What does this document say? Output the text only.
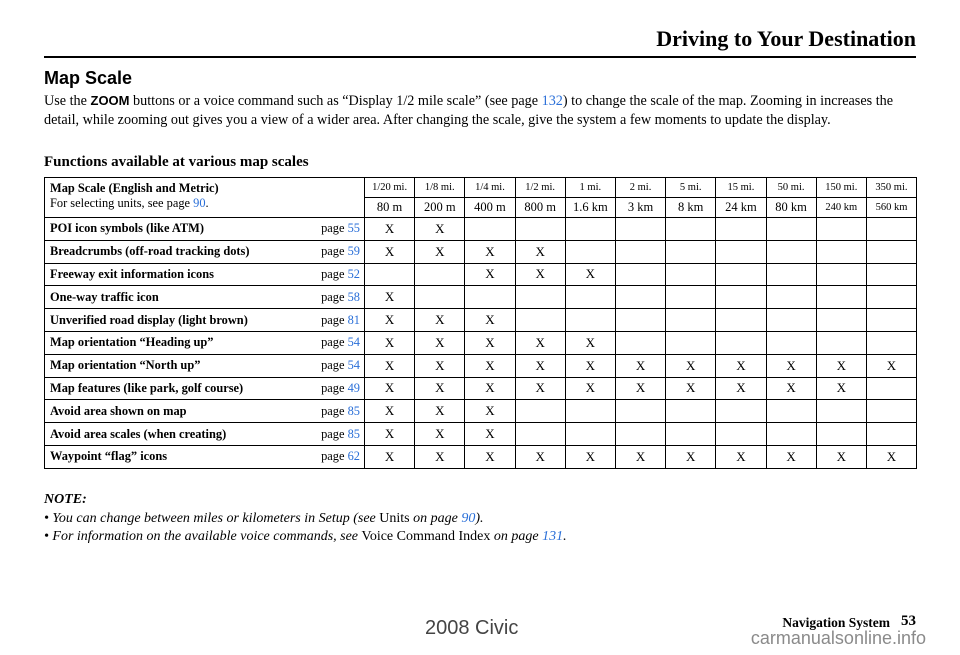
Driving to Your Destination
Map Scale
Use the ZOOM buttons or a voice command such as “Display 1/2 mile scale” (see page 132) to change the scale of the map. Zooming in increases the detail, while zooming out gives you a view of a wider area. After changing the scale, give the system a few moments to update the display.
Functions available at various map scales
Map Scale (English and Metric)
For selecting units, see page 90.		1/20 mi.	1/8 mi.	1/4 mi.	1/2 mi.	1 mi.	2 mi.	5 mi.	15 mi.	50 mi.	150 mi.	350 mi.
		80 m	200 m	400 m	800 m	1.6 km	3 km	8 km	24 km	80 km	240 km	560 km
POI icon symbols (like ATM)	page 55	X	X									
Breadcrumbs (off-road tracking dots)	page 59	X	X	X	X							
Freeway exit information icons	page 52			X	X	X						
One-way traffic icon	page 58	X										
Unverified road display (light brown)	page 81	X	X	X								
Map orientation “Heading up”	page 54	X	X	X	X	X						
Map orientation “North up”	page 54	X	X	X	X	X	X	X	X	X	X	X
Map features (like park, golf course)	page 49	X	X	X	X	X	X	X	X	X	X	
Avoid area shown on map	page 85	X	X	X								
Avoid area scales (when creating)	page 85	X	X	X								
Waypoint “flag” icons	page 62	X	X	X	X	X	X	X	X	X	X	X
NOTE:
• You can change between miles or kilometers in Setup (see Units on page 90).
• For information on the available voice commands, see Voice Command Index on page 131.
Navigation System 53
2008 Civic	carmanualsonline.info
